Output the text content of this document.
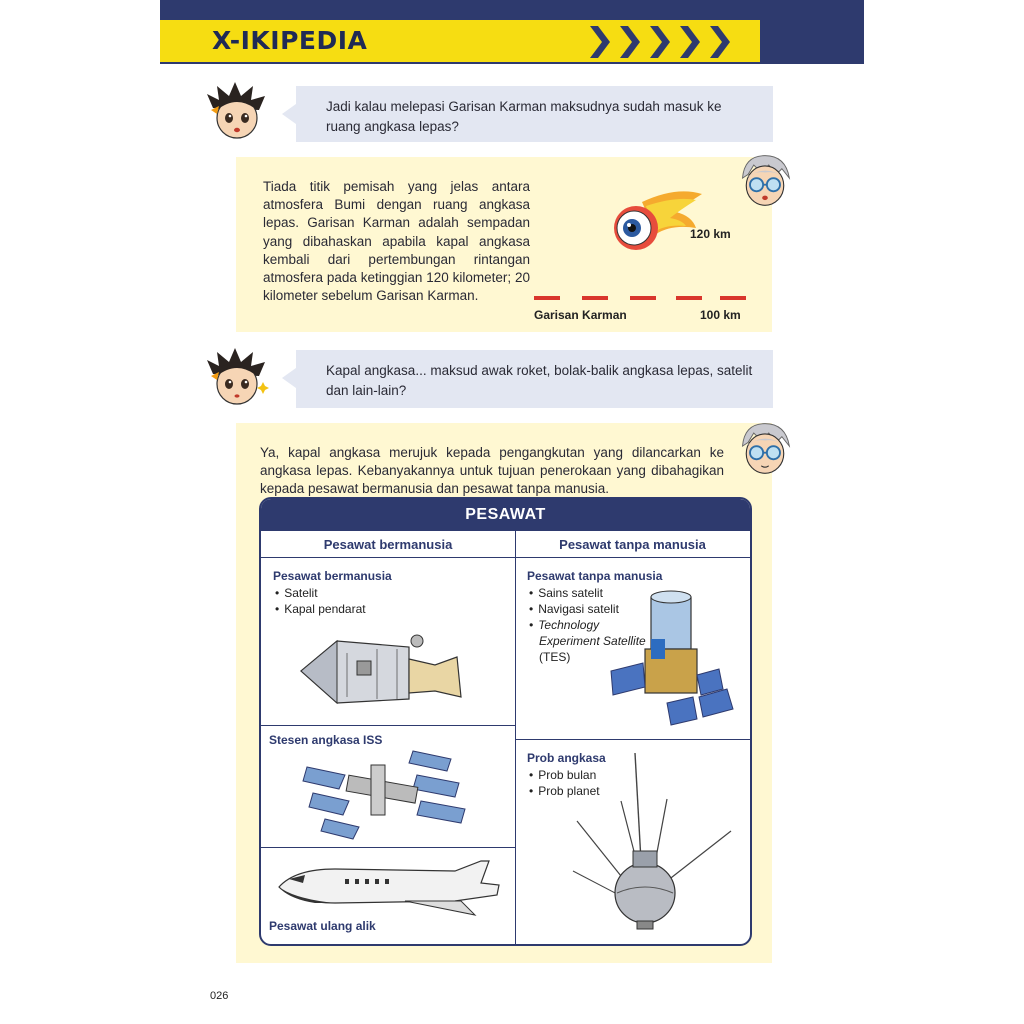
X-IKIPEDIA
Jadi kalau melepasi Garisan Karman maksudnya sudah masuk ke ruang angkasa lepas?
Tiada titik pemisah yang jelas antara atmosfera Bumi dengan ruang angkasa lepas. Garisan Karman adalah sempadan yang dibahaskan apabila kapal angkasa kembali dari pertembungan rintangan atmosfera pada ketinggian 120 kilometer; 20 kilometer sebelum Garisan Karman.
120 km
Garisan Karman	100 km
Kapal angkasa... maksud awak roket, bolak-balik angkasa lepas, satelit dan lain-lain?
Ya, kapal angkasa merujuk kepada pengangkutan yang dilancarkan ke angkasa lepas. Kebanyakannya untuk tujuan penerokaan yang dibahagikan kepada pesawat bermanusia dan pesawat tanpa manusia.
PESAWAT
Pesawat bermanusia	Pesawat tanpa manusia
Pesawat bermanusia
• Satelit
• Kapal pendarat
Stesen angkasa ISS
Pesawat ulang alik
Pesawat tanpa manusia
• Sains satelit
• Navigasi satelit
• Technology
Experiment Satellite
(TES)
Prob angkasa
• Prob bulan
• Prob planet
026
